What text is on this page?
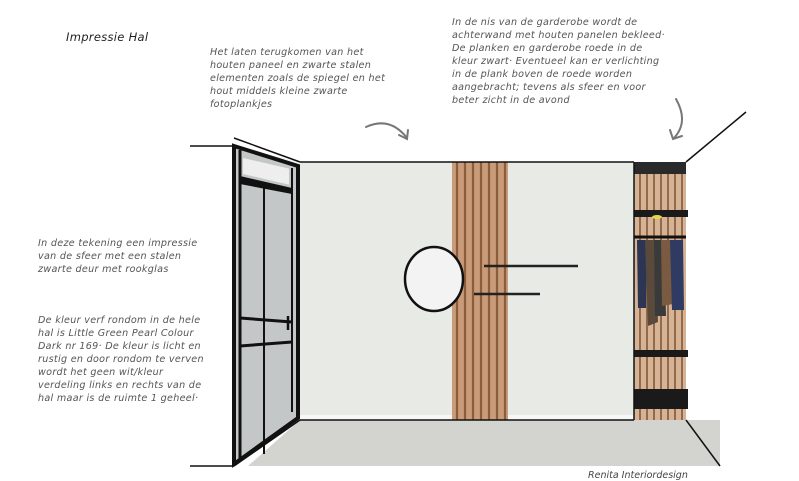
Impressie Hal
Het laten terugkomen van het
houten paneel en zwarte stalen
elementen zoals de spiegel en het
hout middels kleine zwarte
fotoplankjes
In de nis van de garderobe wordt de
achterwand met houten panelen bekleed·
De planken en garderobe roede in de
kleur zwart· Eventueel kan er verlichting
in de plank boven de roede worden
aangebracht; tevens als sfeer en voor
beter zicht in de avond
In deze tekening een impressie
van de sfeer met een stalen
zwarte deur met rookglas
De kleur verf rondom in de hele
hal is Little Green Pearl Colour
Dark nr 169· De kleur is licht en
rustig en door rondom te verven
wordt het geen wit/kleur
verdeling links en rechts van de
hal maar is de ruimte 1 geheel·
Renita Interiordesign
